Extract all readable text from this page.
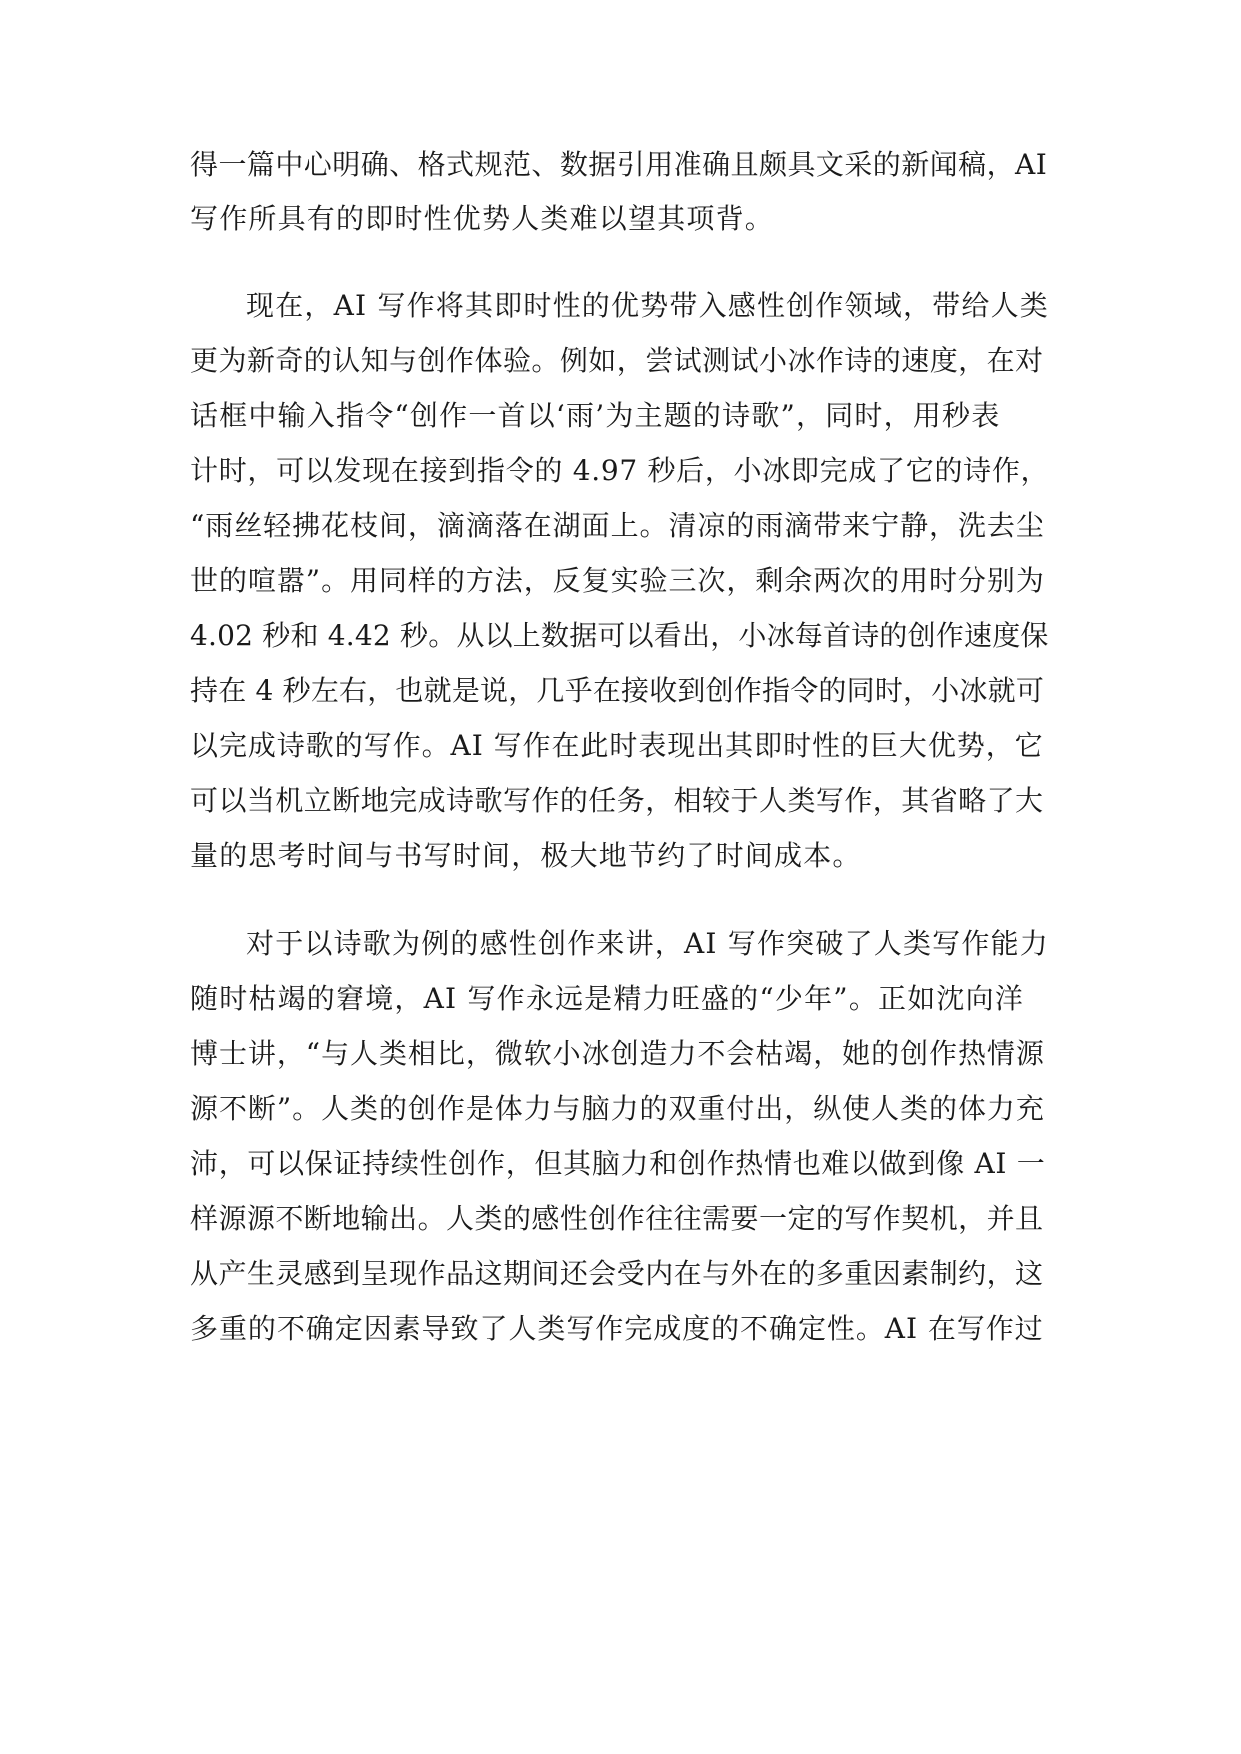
得一篇中心明确、格式规范、数据引用准确且颇具文采的新闻稿，AI

写作所具有的即时性优势人类难以望其项背。

现在，AI 写作将其即时性的优势带入感性创作领域，带给人类

更为新奇的认知与创作体验。例如，尝试测试小冰作诗的速度，在对

话框中输入指令“创作一首以‘雨’为主题的诗歌”，同时，用秒表

计时，可以发现在接到指令的 4.97 秒后，小冰即完成了它的诗作，

“雨丝轻拂花枝间，滴滴落在湖面上。清凉的雨滴带来宁静，洗去尘

世的喧嚣”。用同样的方法，反复实验三次，剩余两次的用时分别为

4.02 秒和 4.42 秒。从以上数据可以看出，小冰每首诗的创作速度保

持在 4 秒左右，也就是说，几乎在接收到创作指令的同时，小冰就可

以完成诗歌的写作。AI 写作在此时表现出其即时性的巨大优势，它

可以当机立断地完成诗歌写作的任务，相较于人类写作，其省略了大

量的思考时间与书写时间，极大地节约了时间成本。

对于以诗歌为例的感性创作来讲，AI 写作突破了人类写作能力

随时枯竭的窘境，AI 写作永远是精力旺盛的“少年”。正如沈向洋

博士讲，“与人类相比，微软小冰创造力不会枯竭，她的创作热情源

源不断”。人类的创作是体力与脑力的双重付出，纵使人类的体力充

沛，可以保证持续性创作，但其脑力和创作热情也难以做到像 AI 一

样源源不断地输出。人类的感性创作往往需要一定的写作契机，并且

从产生灵感到呈现作品这期间还会受内在与外在的多重因素制约，这

多重的不确定因素导致了人类写作完成度的不确定性。AI 在写作过
